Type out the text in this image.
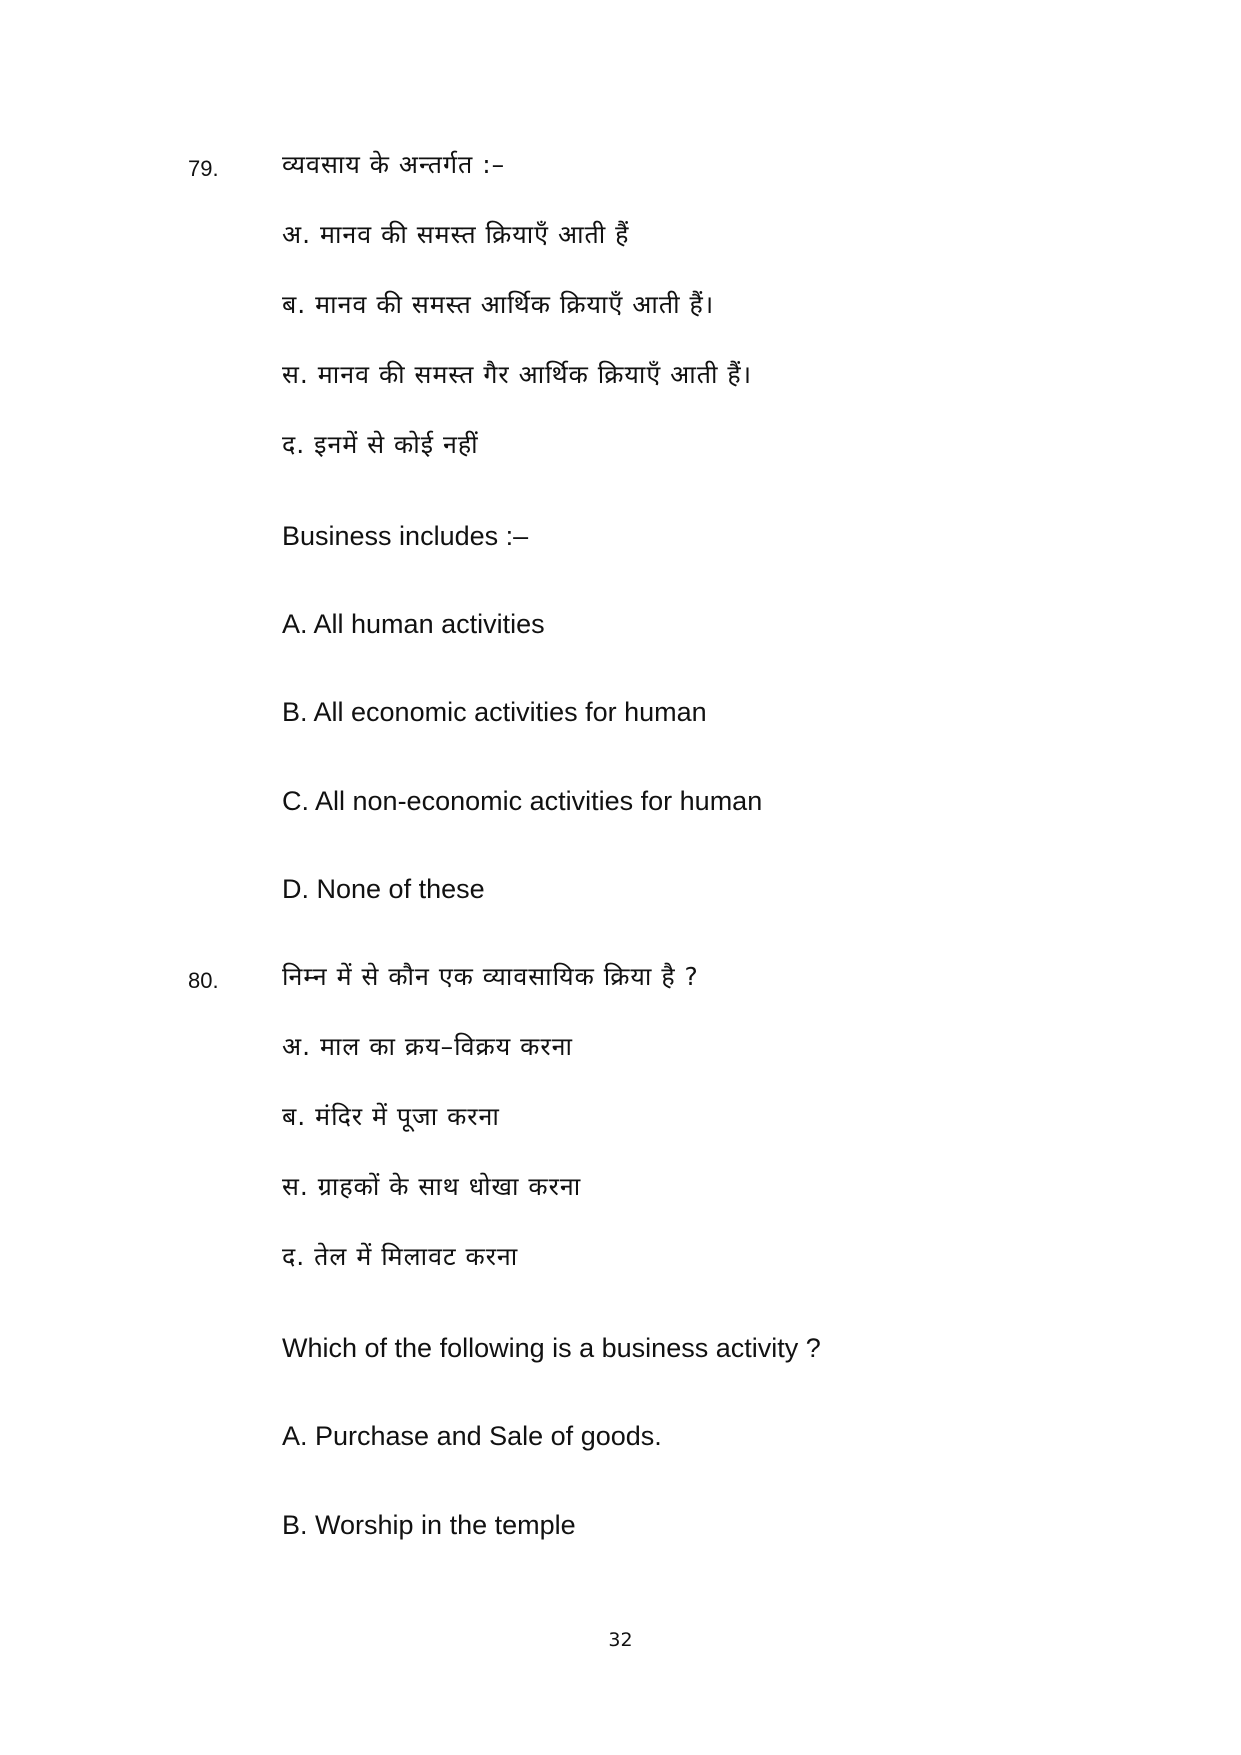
79.	व्यवसाय के अन्तर्गत :–
अ. मानव की समस्त क्रियाएँ आती हैं
ब. मानव की समस्त आर्थिक क्रियाएँ आती हैं।
स. मानव की समस्त गैर आर्थिक क्रियाएँ आती हैं।
द. इनमें से कोई नहीं
Business includes :–
A. All human activities
B. All economic activities for human
C. All non-economic activities for human
D. None of these
80.	निम्न में से कौन एक व्यावसायिक क्रिया है ?
अ. माल का क्रय–विक्रय करना
ब. मंदिर में पूजा करना
स. ग्राहकों के साथ धोखा करना
द. तेल में मिलावट करना
Which of the following is a business activity ?
A. Purchase and Sale of goods.
B. Worship in the temple
32
